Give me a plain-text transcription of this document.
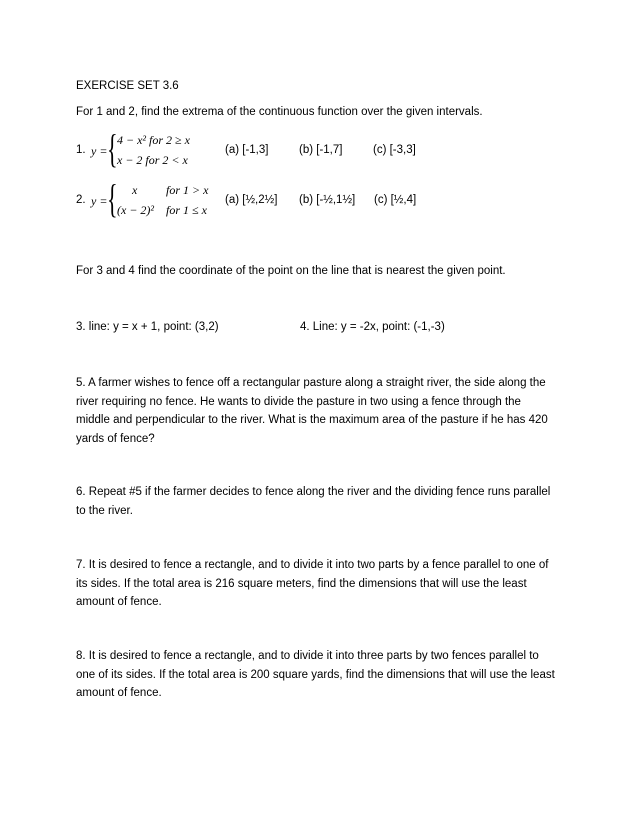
EXERCISE SET 3.6

For 1 and 2, find the extrema of the continuous function over the given intervals.

1. y = { 4 − x² for 2 ≥ x
x − 2 for 2 < x
(a) [-1,3]	(b) [-1,7]	(c) [-3,3]
2. y = { x for 1 > x
(x − 2)² for 1 ≤ x
(a) [½,2½] (b) [-½,1½] (c) [½,4]

For 3 and 4 find the coordinate of the point on the line that is nearest the given point.

3. line: y = x + 1, point: (3,2)	4. Line: y = -2x, point: (-1,-3)

5. A farmer wishes to fence off a rectangular pasture along a straight river, the side along the
river requiring no fence. He wants to divide the pasture in two using a fence through the
middle and perpendicular to the river. What is the maximum area of the pasture if he has 420
yards of fence?

6. Repeat #5 if the farmer decides to fence along the river and the dividing fence runs parallel
to the river.

7. It is desired to fence a rectangle, and to divide it into two parts by a fence parallel to one of
its sides. If the total area is 216 square meters, find the dimensions that will use the least
amount of fence.

8. It is desired to fence a rectangle, and to divide it into three parts by two fences parallel to
one of its sides. If the total area is 200 square yards, find the dimensions that will use the least
amount of fence.
